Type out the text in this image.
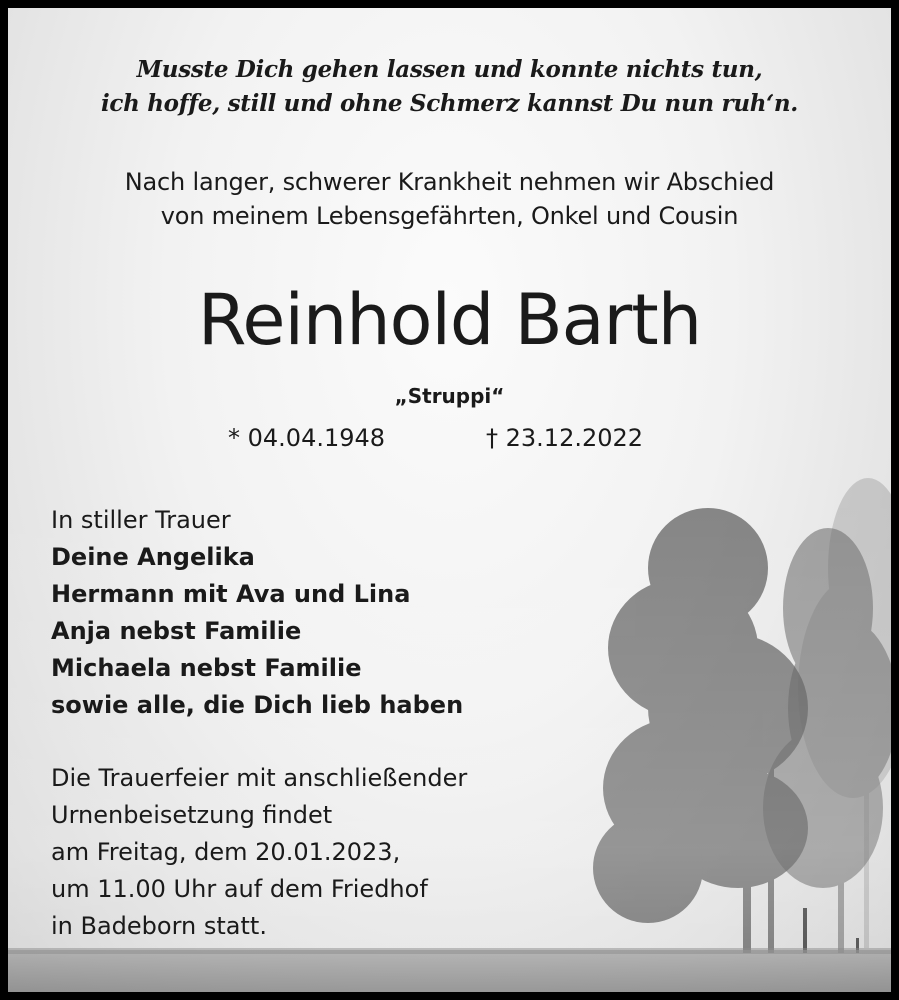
Musste Dich gehen lassen und konnte nichts tun,
ich hoffe, still und ohne Schmerz kannst Du nun ruh‘n.
Nach langer, schwerer Krankheit nehmen wir Abschied
von meinem Lebensgefährten, Onkel und Cousin
Reinhold Barth
„Struppi“
* 04.04.1948	† 23.12.2022
In stiller Trauer
Deine Angelika
Hermann mit Ava und Lina
Anja nebst Familie
Michaela nebst Familie
sowie alle, die Dich lieb haben
Die Trauerfeier mit anschließender
Urnenbeisetzung findet
am Freitag, dem 20.01.2023,
um 11.00 Uhr auf dem Friedhof
in Badeborn statt.
